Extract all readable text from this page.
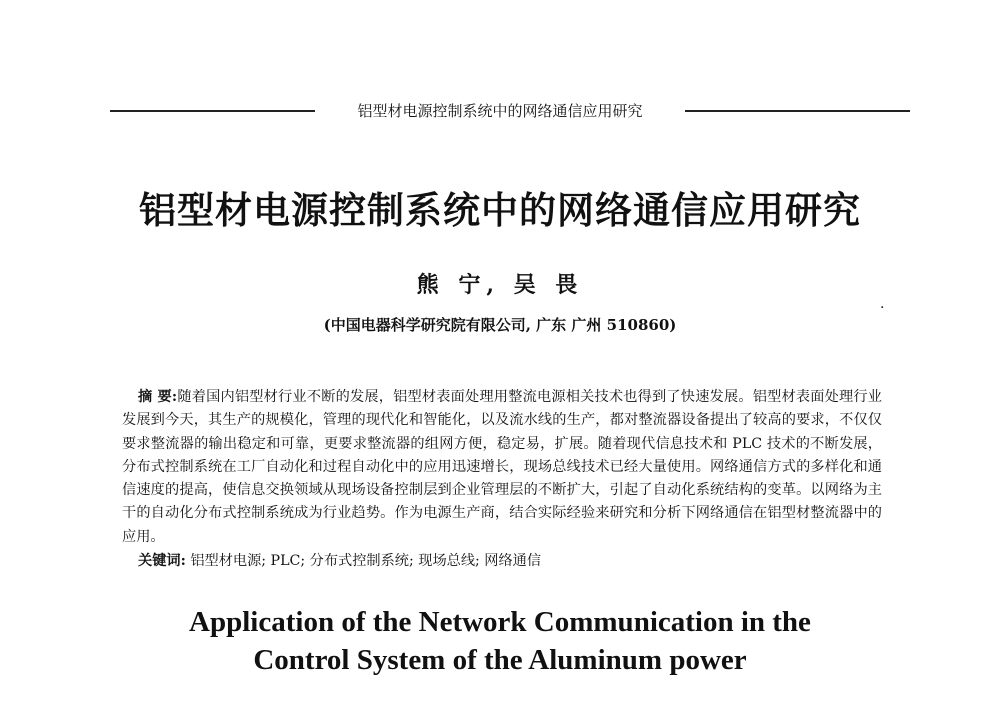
铝型材电源控制系统中的网络通信应用研究
铝型材电源控制系统中的网络通信应用研究
熊 宁, 吴 畏
(中国电器科学研究院有限公司, 广东 广州 510860)
·
摘 要:随着国内铝型材行业不断的发展，铝型材表面处理用整流电源相关技术也得到了快速发展。铝型材表面处理行业发展到今天，其生产的规模化，管理的现代化和智能化，以及流水线的生产，都对整流器设备提出了较高的要求，不仅仅要求整流器的输出稳定和可靠，更要求整流器的组网方便，稳定易，扩展。随着现代信息技术和 PLC 技术的不断发展，分布式控制系统在工厂自动化和过程自动化中的应用迅速增长，现场总线技术已经大量使用。网络通信方式的多样化和通信速度的提高，使信息交换领域从现场设备控制层到企业管理层的不断扩大，引起了自动化系统结构的变革。以网络为主干的自动化分布式控制系统成为行业趋势。作为电源生产商，结合实际经验来研究和分析下网络通信在铝型材整流器中的应用。
关键词: 铝型材电源; PLC; 分布式控制系统; 现场总线; 网络通信
Application of the Network Communication in the
Control System of the Aluminum power
